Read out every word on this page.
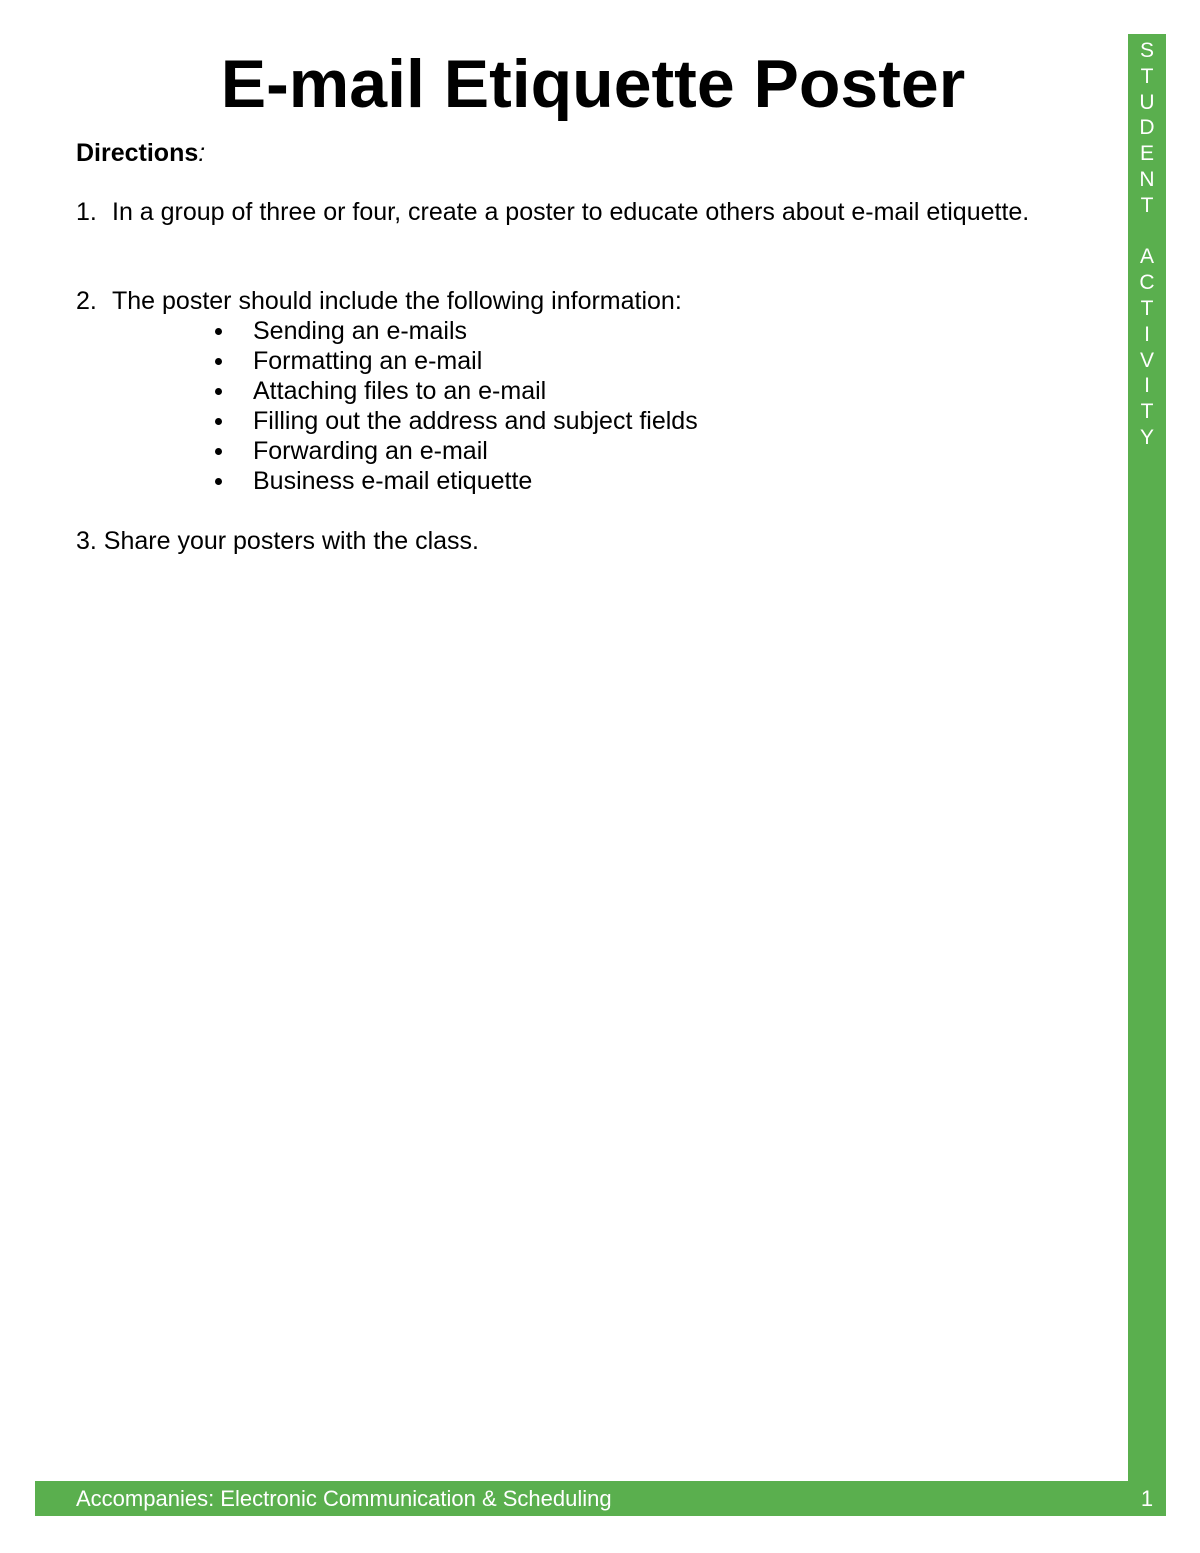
E-mail Etiquette Poster
Directions:
1. In a group of three or four, create a poster to educate others about e-mail etiquette.
2. The poster should include the following information:
Sending an e-mails
Formatting an e-mail
Attaching files to an e-mail
Filling out the address and subject fields
Forwarding an e-mail
Business e-mail etiquette
3. Share your posters with the class.
S
T
U
D
E
N
T
A
C
T
I
V
I
T
Y
Accompanies: Electronic Communication & Scheduling	1
